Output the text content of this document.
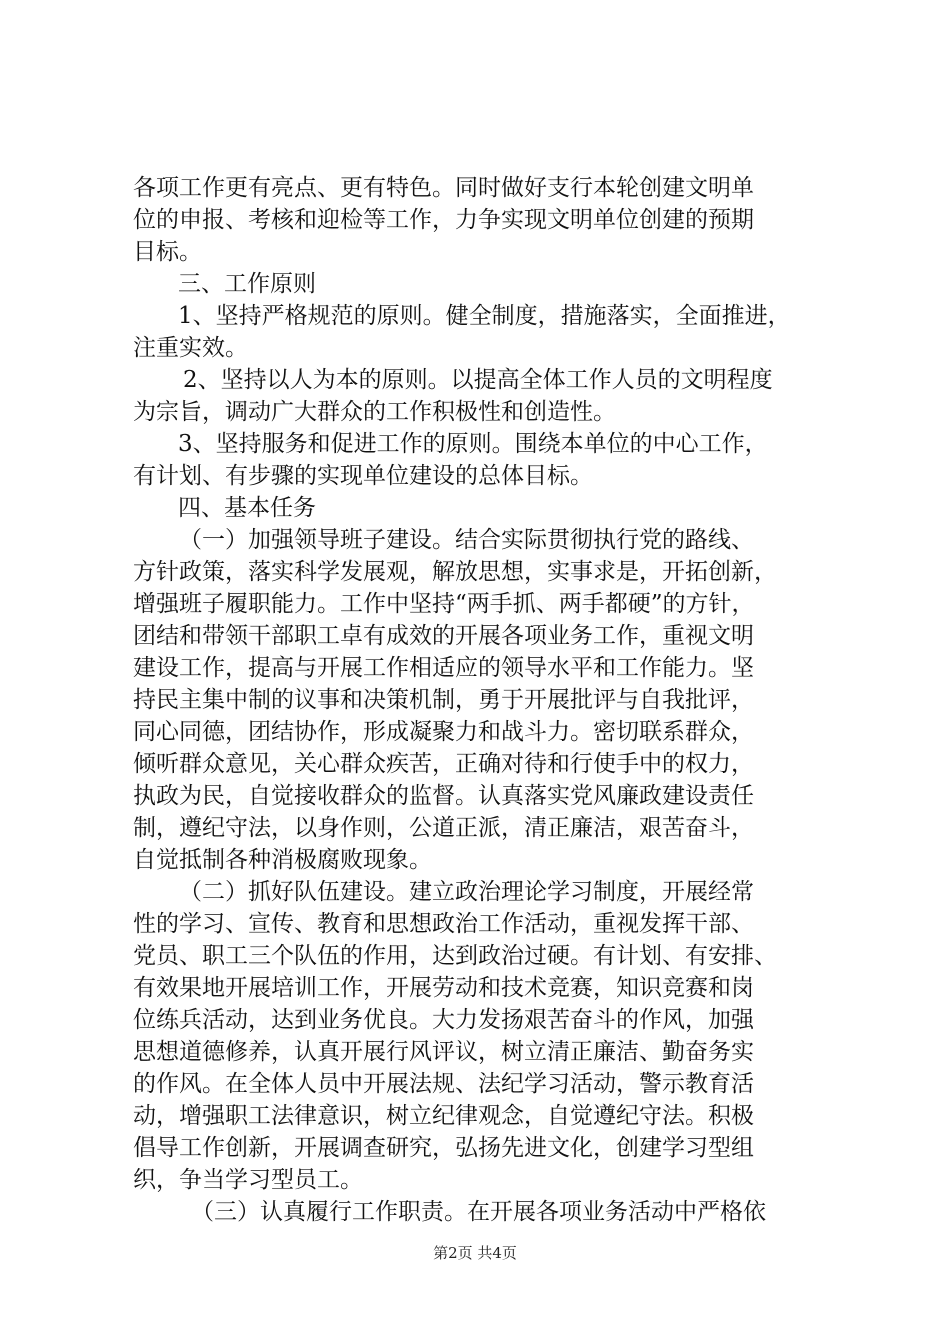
各项工作更有亮点、更有特色。同时做好支行本轮创建文明单
位的申报、考核和迎检等工作，力争实现文明单位创建的预期
目标。
三、工作原则
1、坚持严格规范的原则。健全制度，措施落实，全面推进，
注重实效。
2、坚持以人为本的原则。以提高全体工作人员的文明程度
为宗旨，调动广大群众的工作积极性和创造性。
3、坚持服务和促进工作的原则。围绕本单位的中心工作，
有计划、有步骤的实现单位建设的总体目标。
四、基本任务
（一）加强领导班子建设。结合实际贯彻执行党的路线、
方针政策，落实科学发展观，解放思想，实事求是，开拓创新，
增强班子履职能力。工作中坚持“两手抓、两手都硬”的方针，
团结和带领干部职工卓有成效的开展各项业务工作，重视文明
建设工作，提高与开展工作相适应的领导水平和工作能力。坚
持民主集中制的议事和决策机制，勇于开展批评与自我批评，
同心同德，团结协作，形成凝聚力和战斗力。密切联系群众，
倾听群众意见，关心群众疾苦，正确对待和行使手中的权力，
执政为民，自觉接收群众的监督。认真落实党风廉政建设责任
制，遵纪守法，以身作则，公道正派，清正廉洁，艰苦奋斗，
自觉抵制各种消极腐败现象。
（二）抓好队伍建设。建立政治理论学习制度，开展经常
性的学习、宣传、教育和思想政治工作活动，重视发挥干部、
党员、职工三个队伍的作用，达到政治过硬。有计划、有安排、
有效果地开展培训工作，开展劳动和技术竞赛，知识竞赛和岗
位练兵活动，达到业务优良。大力发扬艰苦奋斗的作风，加强
思想道德修养，认真开展行风评议，树立清正廉洁、勤奋务实
的作风。在全体人员中开展法规、法纪学习活动，警示教育活
动，增强职工法律意识，树立纪律观念，自觉遵纪守法。积极
倡导工作创新，开展调查研究，弘扬先进文化，创建学习型组
织，争当学习型员工。
（三）认真履行工作职责。在开展各项业务活动中严格依
第2页 共4页
